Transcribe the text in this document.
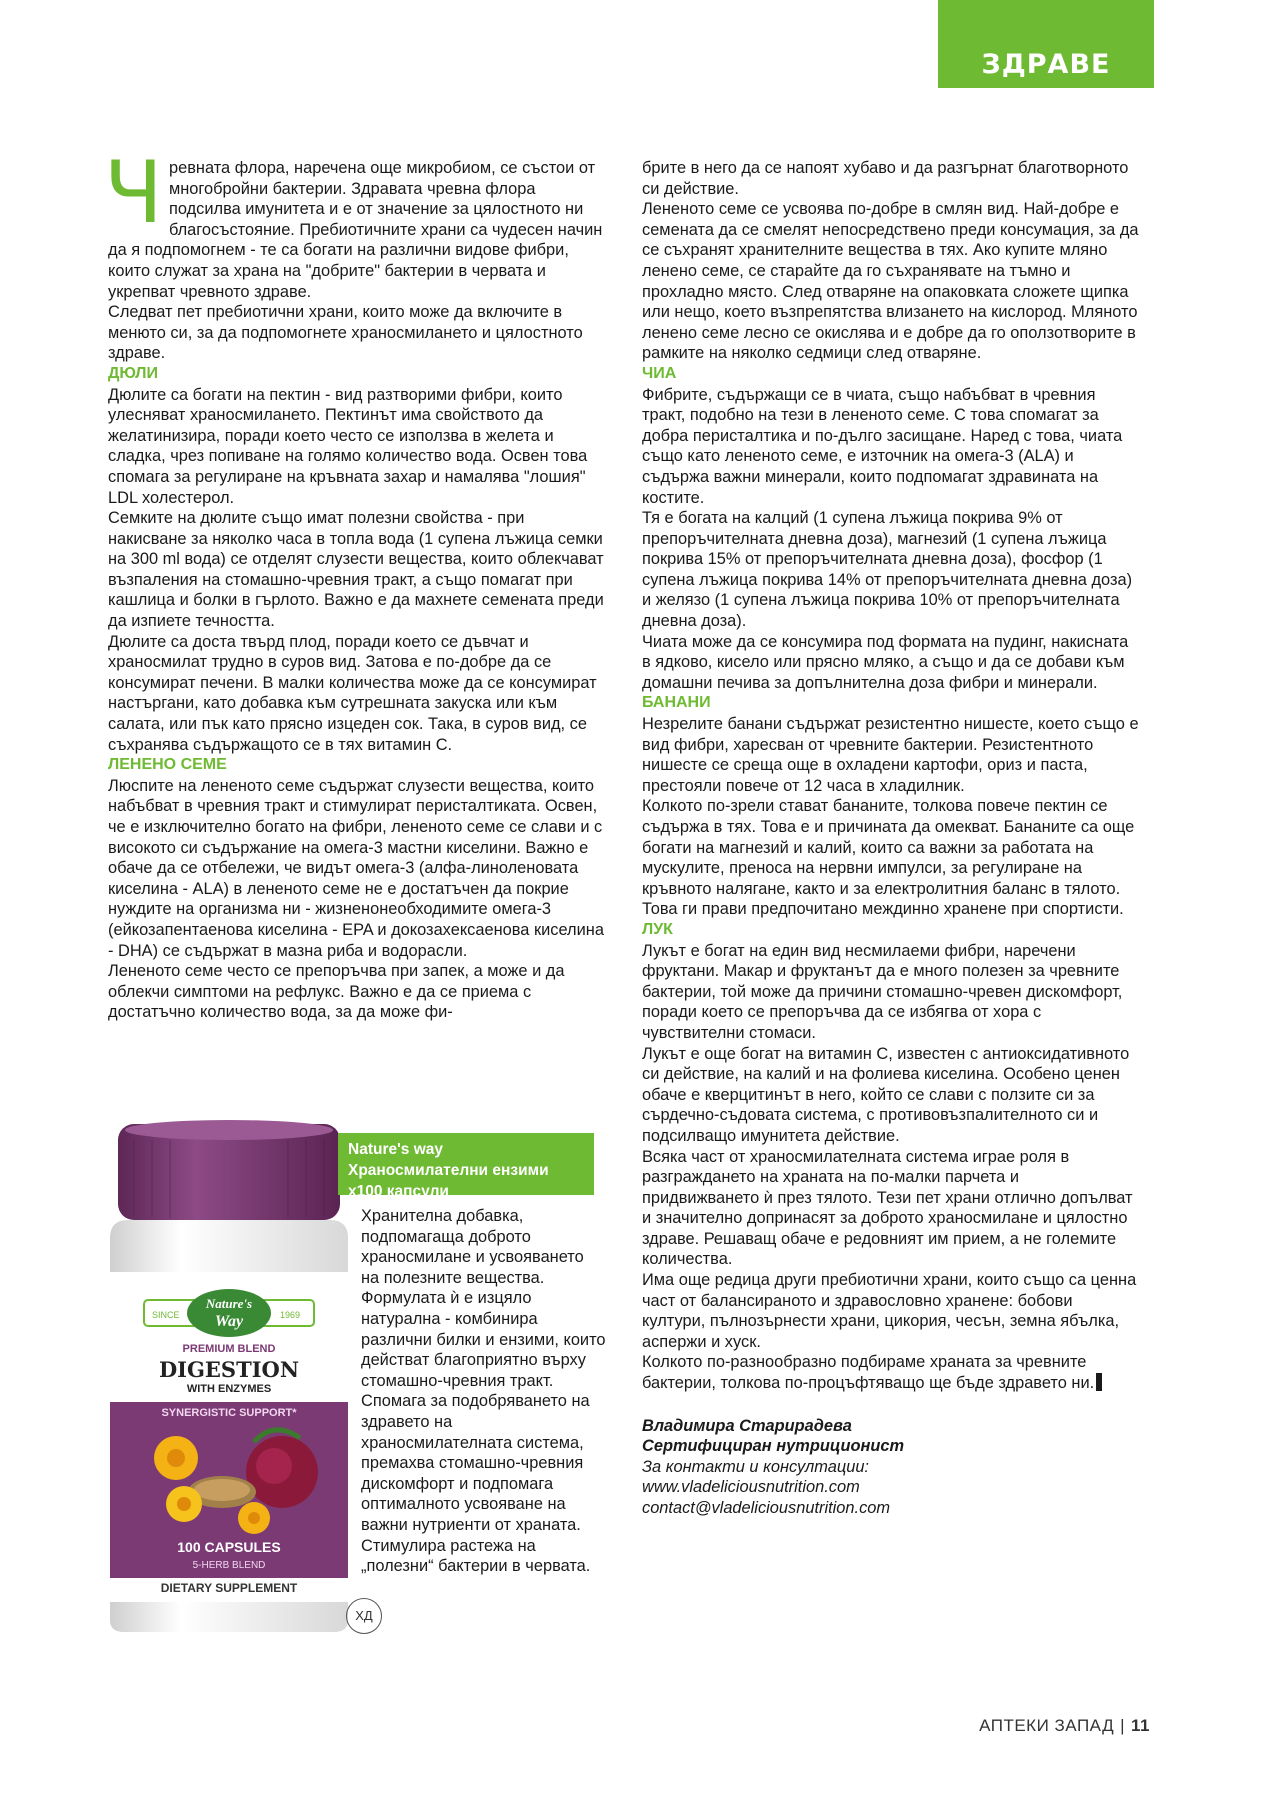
ЗДРАВЕ
Ч ревната флора, наречена още микробиом, се състои от многобройни бактерии. Здравата чревна флора подсилва имунитета и е от значение за цялостното ни благосъстояние. Пребиотичните храни са чудесен начин да я подпомогнем - те са богати на различни видове фибри, които служат за храна на "добрите" бактерии в червата и укрепват чревното здраве.

Следват пет пребиотични храни, които може да включите в менюто си, за да подпомогнете храносмилането и цялостното здраве.

ДЮЛИ

Дюлите са богати на пектин - вид разтворими фибри, които улесняват храносмилането. Пектинът има свойството да желатинизира, поради което често се използва в желета и сладка, чрез попиване на голямо количество вода. Освен това спомага за регулиране на кръвната захар и намалява "лошия" LDL холестерол.

Семките на дюлите също имат полезни свойства - при накисване за няколко часа в топла вода (1 супена лъжица семки на 300 ml вода) се отделят слузести вещества, които облекчават възпаления на стомашно-чревния тракт, а също помагат при кашлица и болки в гърлото. Важно е да махнете семената преди да изпиете течността.

Дюлите са доста твърд плод, поради което се дъвчат и храносмилат трудно в суров вид. Затова е по-добре да се консумират печени. В малки количества може да се консумират настъргани, като добавка към сутрешната закуска или към салата, или пък като прясно изцеден сок. Така, в суров вид, се съхранява съдържащото се в тях витамин С.

ЛЕНЕНО СЕМЕ

Люспите на лененото семе съдържат слузести вещества, които набъбват в чревния тракт и стимулират перисталтиката. Освен, че е изключително богато на фибри, лененото семе се слави и с високото си съдържание на омега-3 мастни киселини. Важно е обаче да се отбележи, че видът омега-3 (алфа-линоленовата киселина - ALA) в лененото семе не е достатъчен да покрие нуждите на организма ни - жизненонеобходимите омега-3 (ейкозапентаенова киселина - EPA и докозахексаенова киселина - DHA) се съдържат в мазна риба и водорасли.

Лененото семе често се препоръчва при запек, а може и да облекчи симптоми на рефлукс. Важно е да се приема с достатъчно количество вода, за да може фи-

брите в него да се напоят хубаво и да разгърнат благотворното си действие.

Лененото семе се усвоява по-добре в смлян вид. Най-добре е семената да се смелят непосредствено преди консумация, за да се съхранят хранителните вещества в тях. Ако купите мляно ленено семе, се старайте да го съхранявате на тъмно и прохладно място. След отваряне на опаковката сложете щипка или нещо, което възпрепятства влизането на кислород. Мляното ленено семе лесно се окислява и е добре да го оползотворите в рамките на няколко седмици след отваряне.

ЧИА

Фибрите, съдържащи се в чиата, също набъбват в чревния тракт, подобно на тези в лененото семе. С това спомагат за добра перисталтика и по-дълго засищане. Наред с това, чиата също като лененото семе, е източник на омега-3 (ALA) и съдържа важни минерали, които подпомагат здравината на костите.

Тя е богата на калций (1 супена лъжица покрива 9% от препоръчителната дневна доза), магнезий (1 супена лъжица покрива 15% от препоръчителната дневна доза), фосфор (1 супена лъжица покрива 14% от препоръчителната дневна доза) и желязо (1 супена лъжица покрива 10% от препоръчителната дневна доза).

Чиата може да се консумира под формата на пудинг, накисната в ядково, кисело или прясно мляко, а също и да се добави към домашни печива за допълнителна доза фибри и минерали.

БАНАНИ

Незрелите банани съдържат резистентно нишесте, което също е вид фибри, харесван от чревните бактерии. Резистентното нишесте се среща още в охладени картофи, ориз и паста, престояли повече от 12 часа в хладилник.

Колкото по-зрели стават бананите, толкова повече пектин се съдържа в тях. Това е и причината да омекват. Бананите са още богати на магнезий и калий, които са важни за работата на мускулите, преноса на нервни импулси, за регулиране на кръвното налягане, както и за електролитния баланс в тялото. Това ги прави предпочитано междинно хранене при спортисти.

ЛУК

Лукът е богат на един вид несмилаеми фибри, наречени фруктани. Макар и фруктанът да е много полезен за чревните бактерии, той може да причини стомашно-чревен дискомфорт, поради което се препоръчва да се избягва от хора с чувствителни стомаси.

Лукът е още богат на витамин С, известен с антиоксидативното си действие, на калий и на фолиева киселина. Особено ценен обаче е кверцитинът в него, който се слави с ползите си за сърдечно-съдовата система, с противовъзпалителното си и подсилващо имунитета действие.

Всяка част от храносмилателната система играе роля в разграждането на храната на по-малки парчета и придвижването ѝ през тялото. Тези пет храни отлично допълват и значително допринасят за доброто храносмилане и цялостно здраве. Решаващ обаче е редовният им прием, а не големите количества.

Има още редица други пребиотични храни, които също са ценна част от балансираното и здравословно хранене: бобови култури, пълнозърнести храни, цикория, чесън, земна ябълка, аспержи и хуск.

Колкото по-разнообразно подбираме храната за чревните бактерии, толкова по-процъфтяващо ще бъде здравето ни.

Владимира Старирадева

Сертифициран нутриционист

За контакти и консултации:

www.vladeliciousnutrition.com

contact@vladeliciousnutrition.com

SINCE	1969
Nature's
Way
PREMIUM BLEND
DIGESTION
WITH ENZYMES
SYNERGISTIC SUPPORT*
100 CAPSULES
5-HERB BLEND
DIETARY SUPPLEMENT
Nature's way Храносмилателни ензими х100 капсули

Хранителна добавка, подпомагаща доброто храносмилане и усвояването на полезните вещества. Формулата ѝ е изцяло натурална - комбинира различни билки и ензими, които действат благоприятно върху стомашно-чревния тракт.

Спомага за подобряването на здравето на храносмилателната система, премахва стомашно-чревния дискомфорт и подпомага оптималното усвояване на важни нутриенти от храната.

Стимулира растежа на „полезни“ бактерии в червата.

ХД
АПТЕКИ ЗАПАД | 11
